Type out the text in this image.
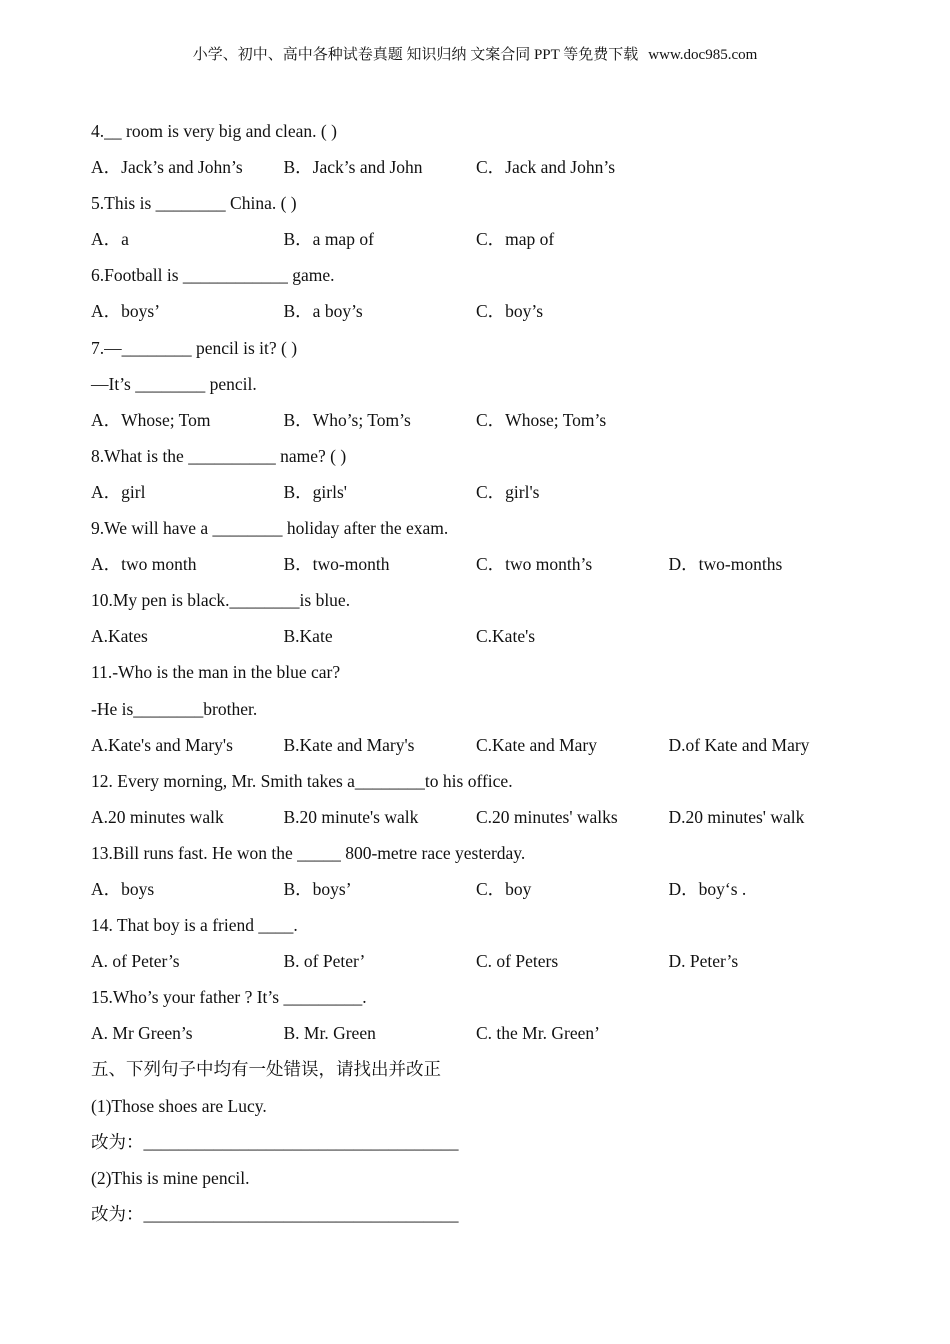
小学、初中、高中各种试卷真题 知识归纳 文案合同 PPT 等免费下载 www.doc985.com
4.__ room is very big and clean. ( )
A．Jack’s and John’s	B．Jack’s and John	C．Jack and John’s
5.This is ________ China. ( )
A．a	B．a map of	C．map of
6.Football is ____________ game.
A．boys’	B．a boy’s	C．boy’s
7.—________ pencil is it? ( )
—It’s ________ pencil.
A．Whose; Tom	B．Who’s; Tom’s	C．Whose; Tom’s
8.What is the __________ name? ( )
A．girl	B．girls'	C．girl's
9.We will have a ________ holiday after the exam.
A．two month	B．two-month	C．two month’s	D．two-months
10.My pen is black.________is blue.
A.Kates	B.Kate	C.Kate's
11.-Who is the man in the blue car?
-He is________brother.
A.Kate's and Mary's	B.Kate and Mary's	C.Kate and Mary	D.of Kate and Mary
12. Every morning, Mr. Smith takes a________to his office.
A.20 minutes walk	B.20 minute's walk	C.20 minutes' walks	D.20 minutes' walk
13.Bill runs fast. He won the _____ 800-metre race yesterday.
A．boys	B．boys’	C．boy	D．boy‘s .
14. That boy is a friend ____.
A. of Peter’s	B. of Peter’	C. of Peters	D. Peter’s
15.Who’s your father ? It’s _________.
A. Mr Green’s	B. Mr. Green	C. the Mr. Green’
五、下列句子中均有一处错误，请找出并改正
(1)Those shoes are Lucy.
改为：____________________________________
(2)This is mine pencil.
改为：____________________________________
